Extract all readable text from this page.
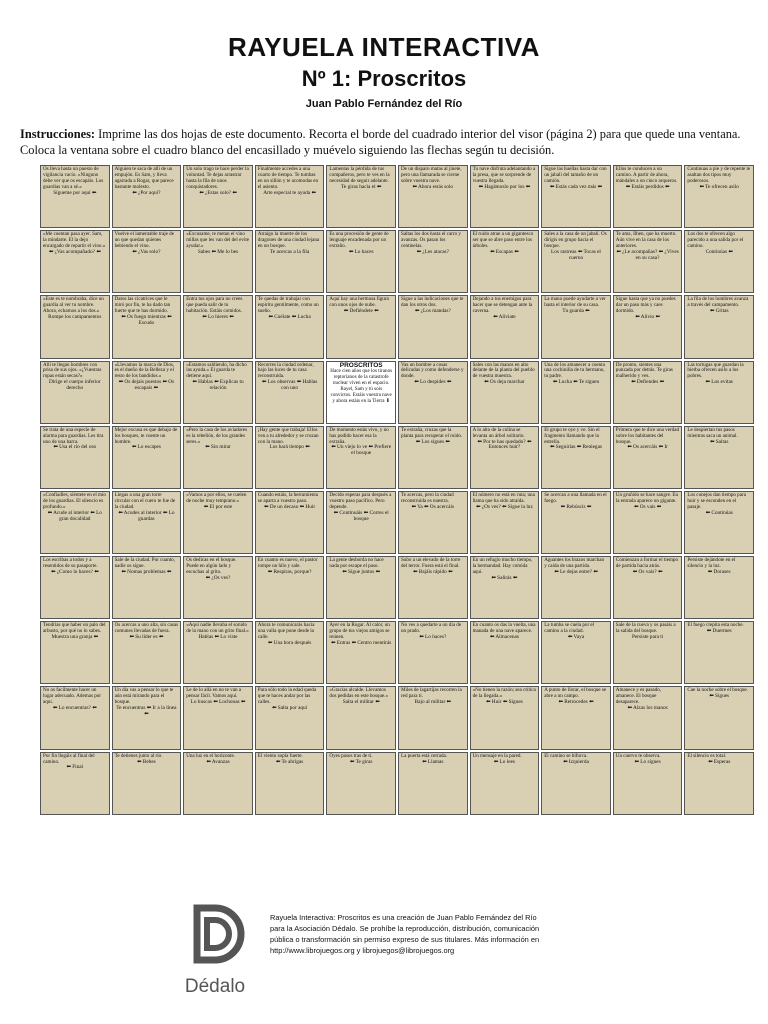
RAYUELA INTERACTIVA
Nº 1: Proscritos
Juan Pablo Fernández del Río
Instrucciones: Imprime las dos hojas de este documento. Recorta el borde del cuadrado interior del visor (página 2) para que quede una ventana. Coloca la ventana sobre el cuadro blanco del encasillado y muévelo siguiendo las flechas según tu decisión.
Os lleva hasta un puesto de vigilancia vacío. «Ninguno debe ver que os escapáis. Los guardias van a sé.»
Sígueme por aquí ⬅
Alguien te saca de allí de un empujón. Es Sam, y lleva agarrada a Rogar, que parece bastante molesto.
⬅ ¿Por aquí?
Un solo trago te hace perder la voluntad. Te dejas arrastrar hasta la fila de unos conquistadores.
⬅ ¿Estas solo? ⬅
Finalmente accedes a una cuarto de tiempo. Te tumbas en un sillón y te acomodas en el asiento.
Arte especial te ayuda ⬅
Lamentas la pérdida de tus compañeros, pero te ves en la necesidad de seguir adelante.
Te giras hacia el ⬅
De un disparo matas al jinete, pero una llamarada se cierne sobre vuestra nave.
⬅ Ahora estás solo
Tu nave disfruta adelantando a la presa, que se sorprende de vuestra llegada.
⬅ Hagámoslo por los ⬅
Sigue las huellas hasta dar con un jabalí del tamaño de un camión.
⬅ Estás cada vez más ⬅
Ellos te conducen a un camino. A partir de ahora, mándales a un cinco arqueros.
⬅ Estáis perdidos ⬅
Continuas a pie y de repente te asaltan dos tipos muy poderosos.
⬅ Te ofrecen asilo
«Me cuentan pasa ayer. Sam, la mindarte. El la dejo encargado de repartir el vino.»
⬅ ¿Vas acompañado? ⬅
Vuelve el lamentable traje de un que quedan quienes bebiendo el vino.
⬅ ¿Vas solo?
«Excusame, te metan el vino millas que les van del del evite ayudar.»
Sabes ⬅ Me lo bes
Atraigo la muerte de los dragones de una ciudad lejana en un bosque.
Te acercas a la fila
Es una procesión de gente de lenguaje encadenada por un extraño.
⬅ Lo haces
Saltas los dos hasta el carro y avanzas. Os pasan los centinelas.
⬅ ¿Les atacas?
El ruido atrae a un gigantesco ser que se abre paso entre los árboles.
⬅ Escapas ⬅
Sales a la casa de un jabalí. Os dirigís en grupo hacia el bosque.
Los rastreas ⬅ Tocas el cuerno
Te ama, Ilben, que ha muerto. Aún vive en la casa de los anteriores.
⬅ ¿Le acompañas? ⬅ ¿Vives en su casa?
Los dos te ofrecen algo parecido a una salida por el camino.
Continúas ⬅
«Este es te nombraba, dice un guardia al ver tu nombre. Ahora, echarnos a los dos.»
Rompe los campamentos
Datos las cicatrices que le miró por fin, te ha dado tan fuerte que te has dormido.
⬅ Os fuego mientras ⬅ Escudo
Entra tus ojos para no crees que pueda salir de tu habitación. Estáis comidos.
⬅ Lo hieres ⬅
Te quedas de trabajar con espíritu gentilmente, como un sueño.
⬅ Cuélate ⬅ Lucha
Aquí hay una hermosa figura con unos ojos de nube.
⬅ Defiéndete ⬅
Sigue a las indicaciones que te dan los otros dos.
⬅ ¿Los mandas?
Dejando a tus enemigos para hacer que se detengan ante la caverna.
⬅ Alíviate
La mano puede ayudarte a ver hasta el interior de su casa.
Tu guarda ⬅
Sigue hasta que ya no puedes dar un paso más y caes dormido.
⬅ Alivio ⬅
La fila de los hombres avanza a través del campamento.
⬅ Gritas
Allí te llegan hombres con prisa de sus ojos. «¿Vuestras ropas están secas?»
Dirige el cuerpo inferior derecho
«Llevamos la marca de Dios, es el dueño de la Belleza y el resto de los bandidos.»
⬅ Os dejais puestos ⬅ Os escapais ⬅
«Estamos saldiendo, ha dicho las ayuda.» El guarda te detiene aquí.
⬅ Hablas ⬅ Explicas tu relación
Recorres la ciudad ordenar, bajo las luces de tu casa reconstruida.
⬅ Los observas ⬅ Hablas con uno
PROSCRITOS
Hace cien años que los tiranos reptorianos de la catastrofe nuclear viven en el espacio. Rayel, Sam y tú sois convictos. Estáis vuestra nave y ahora estáis en la Tierra ⬇
Vas un hombre a cosas delicadas y como defenderse y donde.
⬅ Lo despides ⬅
Sales con las manos en alto delante de la planta del pueblo de vuestra muestra.
⬅ Os deja marchar
Una de los amanecer a cuenta una cochinilla de tu hermano, tu padre.
⬅ Lucha ⬅ Te siguen
De pronto, sientes una punzada por detrás. Te giras malherido y ves.
⬅ Defiendes ⬅
Las tortugas que guardan la hierba ofrecen asilo a los pobres.
⬅ Los evitas
Se trata de una especie de alarma para guardias. Les tira uno de una barra.
⬅ Usa el río del oso
Mejor excusa es que debajo de los bosques, te cuente un hombre.
⬅ Lo escapes
«Pero la casa de los aviadores es la rebelión, de los grandes seres.»
⬅ Sin mirar
¡Hay gente que trabaja! Ellos ven a tu alrededor y se cruzan con la mano.
Los hará tiempo ⬅
De momento estás vivo, y no has podido hacer esa la extraña.
⬅ Un viejo lo ve ⬅ Prefiere el bosque
Te extraña, cruzas que la planta para recuperar el ruido.
⬅ Los sigues ⬅
A lo alto de la colina se levanta un árbol solitario.
⬅ Por te has quedado? ⬅ Entonces huir?
El grupo te oye y ve. Sin el fragmento llamando que la estrella.
⬅ Seguirías ⬅ Reniegas
Primera que te dice una verdad sobre los habitantes del bosque.
⬅ Os acercáis ⬅ Ir
Le despiertan tus pasos mientras saca un animal.
⬅ Saltas
«Confiadles, siéntete en el mío de los guardias. El silencio es profundo.»
⬅ Acude al interior ⬅ Lo gran docalidad
Llegas a una gran torre circular con el cuero te fue de la ciudad.
⬅ Acudes al interior ⬅ Lo guardas
«Vamos a por ellos, se cuelen de noche muy temprano.»
⬅ El por este
Cuando estáis, la herramienta se aparta a vuestro paso.
⬅ De un decaso ⬅ Huir
Decido esperas para después a vuestro paso pacífico. Pero depende.
⬅ Continuáis ⬅ Corres el bosque
Te acercas, pero la ciudad reconstruida es nuestra.
⬅ Ya ⬅ Os acercáis
El número no está en ruta; una llama que ha sido atraída.
⬅ ¿Os ves? ⬅ Sigue la luz
Se acercan a una llamada en el fuego.
⬅ Rebúscis ⬅
Un gruñido se hace sangre. En la entrada aparece un gigante.
⬅ Os vais ⬅
Los conejos dan tiempo para huir y se esconden en el pasaje.
⬅ Continúas
Los escribas a todos y a resentidos de su pasaporte.
⬅ ¿Como lo haces? ⬅
Sale de la ciudad. Por cuanto, nadie os sigue.
⬅ Nomas problemas ⬅
Os dedicas en el bosque. Puede en algún lado y escuchas al grito.
⬅ ¿Os ves?
En cuanto es nuevo, el pastor rompe un hilo y sale.
⬅ Respiras, porque?
La gente desborda no hace nada por escape el paso.
⬅ Sigue juntos ⬅
Subo a un elevado de la torre del terror. Fuera está el final.
⬅ Bajáis rápido ⬅
En un refugio mucho tiempo, la hermandad. Hay comida aquí.
⬅ Salirás ⬅
Aguantes los brazos marchan y caída de una partida.
⬅ Le dejas entre? ⬅
Comienzan a formar el tiempo de partida hacia atrás.
⬅ Os vais? ⬅
Persiste dejándote en el silencio y la luz.
⬅ Dorases
Tendrías que haber un palo del arbusto, por qué no lo sabes.
Muestra una granja ⬅
Os acercas a uno alta, sin casas comunes llevadas de fuera.
⬅ Su líder es ⬅
«Aquí nadie llevaba el sonido de la mano con un grito final.»
Hablas ⬅ Lo viste
Ahora te comunicarás hacia una valla que pone desde la calle.
⬅ Una hora después
Ayer en la Rogar. Al calor, un grupo de tus viejos amigos se reúnen.
⬅ Entras ⬅ Centro mentirás
No ves a quedarte a un día de un prado.
⬅ Lo haces?
En cuanto os das la vuelta, una manada de una nave aparece.
⬅ Almacenas
La tumba se cuela por el camino a la ciudad.
⬅ Vaya
Sale de la cueva y os pasáis a la salida del bosque.
Persiste para ti
El fuego crepita esta noche.
⬅ Duermes
No os facilmente hacer un lugar adecuado. Ademas por aquí.
⬅ Lo encuentras? ⬅
Un día vas a pensar lo que te aún está mirando para el bosque.
Te encuentras ⬅ Ir a la línea ⬅
Le de lo allá en no te van a pensar fácil. Vamos aquí.
Lo buscas ⬅ Lochonas ⬅
Para sólo todo la edad queda que te haces andar por las calles.
⬅ Salta por aquí
«Gracias alcalde. Llevamos dos pedidas en este bosque.»
Salta el militar ⬅
Miles de lagartijas recorren la red para ti.
Bajo al militar ⬅
«No tienen la razón; sea crítica de la llegada.»
⬅ Huir ⬅ Sigues
A punto de llorar, el bosque se abre a un campo.
⬅ Retrocedes ⬅
Amanece y es pasado, amanece. El bosque desaparece.
⬅ Alzas los manos
Cae la noche sobre el bosque.
⬅ Sigues
Por fin llegáis al final del camino.
⬅ Final
Te detienes junto al río.
⬅ Bebes
Una luz en el horizonte.
⬅ Avanzas
El viento sopla fuerte.
⬅ Te abrigas
Oyes pasos tras de ti.
⬅ Te giras
La puerta está cerrada.
⬅ Llamas
Un mensaje en la pared.
⬅ Lo lees
El camino se bifurca.
⬅ Izquierda
Un cuervo te observa.
⬅ Lo sigues
El silencio es total.
⬅ Esperas
Dédalo
Rayuela Interactiva: Proscritos es una creación de Juan Pablo Fernández del Río
para la Asociación Dédalo. Se prohíbe la reproducción, distribución, comunicación
pública o transformación sin permiso expreso de sus titulares. Más información en
http://www.librojuegos.org y librojuegos@librojuegos.org
